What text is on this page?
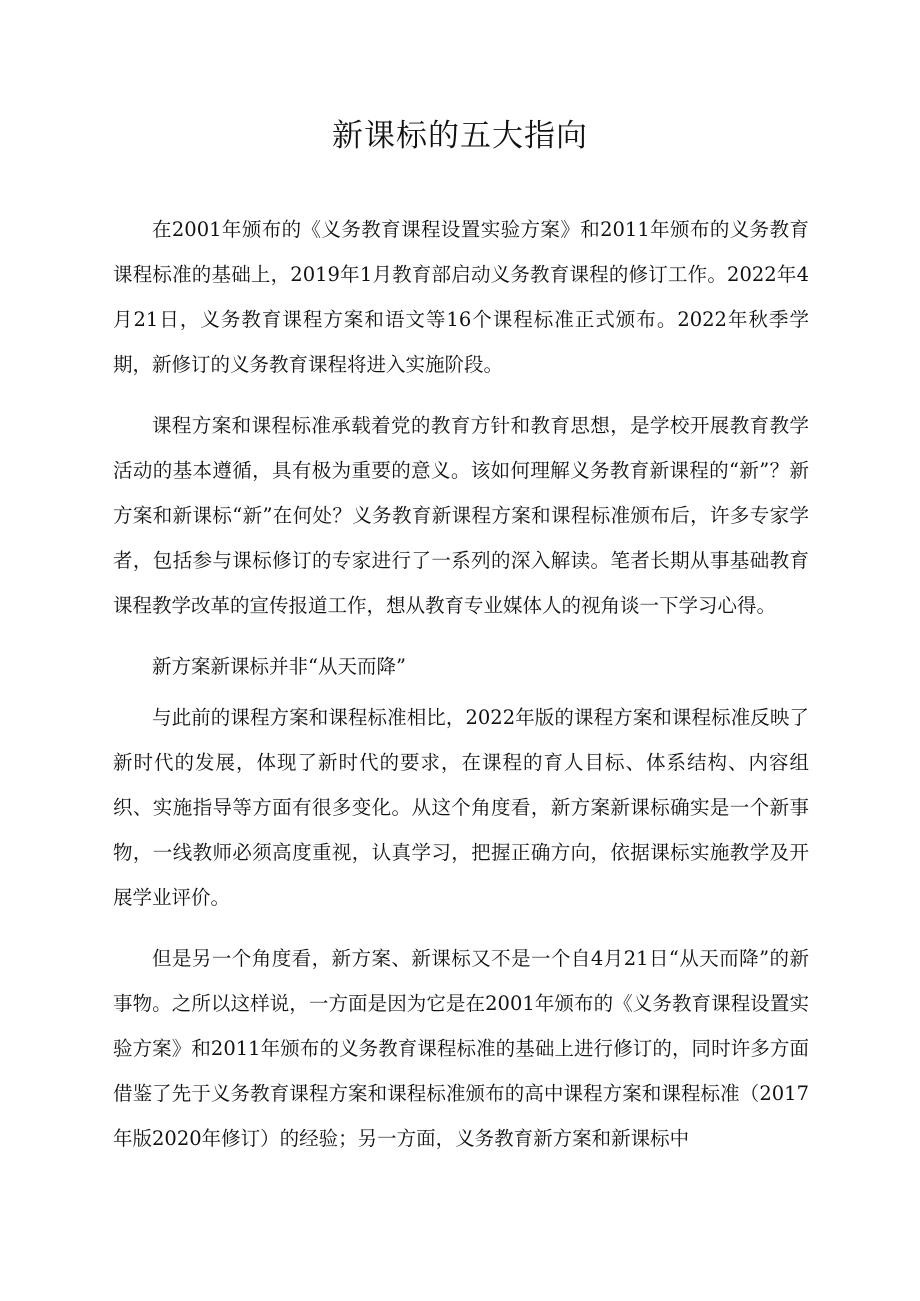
新课标的五大指向

在2001年颁布的《义务教育课程设置实验方案》和2011年颁布的义务教育课程标准的基础上，2019年1月教育部启动义务教育课程的修订工作。2022年4月21日，义务教育课程方案和语文等16个课程标准正式颁布。2022年秋季学期，新修订的义务教育课程将进入实施阶段。

课程方案和课程标准承载着党的教育方针和教育思想，是学校开展教育教学活动的基本遵循，具有极为重要的意义。该如何理解义务教育新课程的“新”？新方案和新课标“新”在何处？义务教育新课程方案和课程标准颁布后，许多专家学者，包括参与课标修订的专家进行了一系列的深入解读。笔者长期从事基础教育课程教学改革的宣传报道工作，想从教育专业媒体人的视角谈一下学习心得。

新方案新课标并非“从天而降”

与此前的课程方案和课程标准相比，2022年版的课程方案和课程标准反映了新时代的发展，体现了新时代的要求，在课程的育人目标、体系结构、内容组织、实施指导等方面有很多变化。从这个角度看，新方案新课标确实是一个新事物，一线教师必须高度重视，认真学习，把握正确方向，依据课标实施教学及开展学业评价。

但是另一个角度看，新方案、新课标又不是一个自4月21日“从天而降”的新事物。之所以这样说，一方面是因为它是在2001年颁布的《义务教育课程设置实验方案》和2011年颁布的义务教育课程标准的基础上进行修订的，同时许多方面借鉴了先于义务教育课程方案和课程标准颁布的高中课程方案和课程标准（2017年版2020年修订）的经验；另一方面，义务教育新方案和新课标中
